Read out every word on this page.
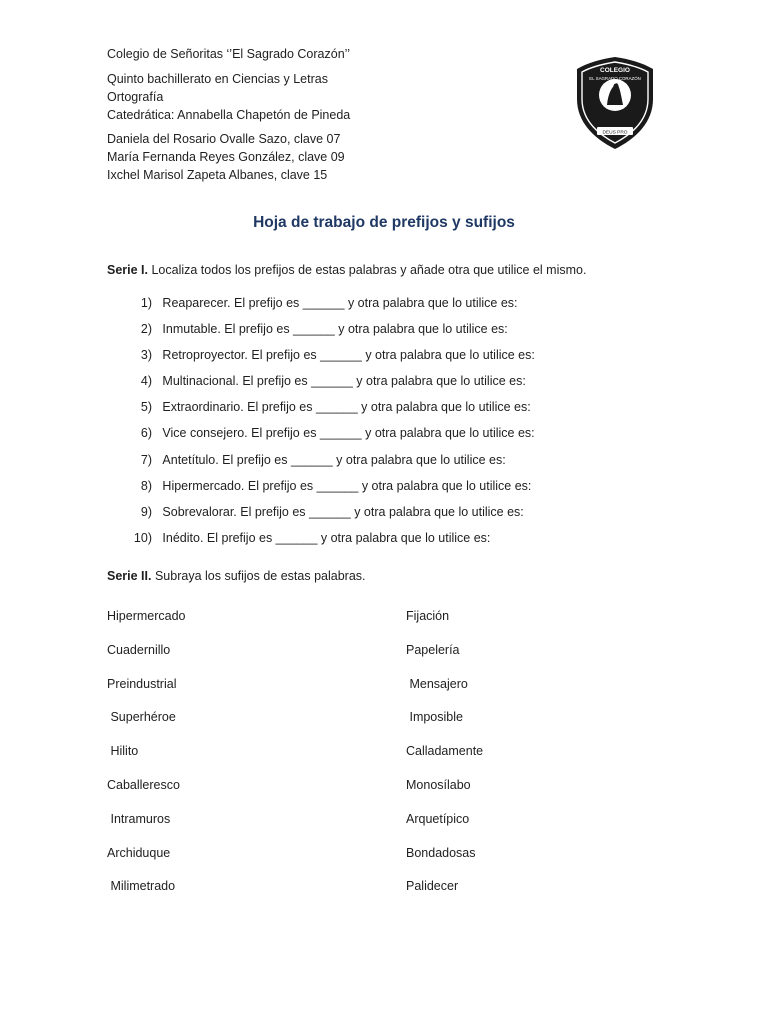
Colegio de Señoritas ‘’El Sagrado Corazón’’
Quinto bachillerato en Ciencias y Letras
Ortografía
Catedrática: Annabella Chapetón de Pineda
Daniela del Rosario Ovalle Sazo, clave 07
María Fernanda Reyes González, clave 09
Ixchel Marisol Zapeta Albanes, clave 15
COLEGIO
EL SAGRADO CORAZÓN
DEUS PRO
Hoja de trabajo de prefijos y sufijos
Serie I. Localiza todos los prefijos de estas palabras y añade otra que utilice el mismo.
1)
Reaparecer. El prefijo es ______ y otra palabra que lo utilice es:
2)
Inmutable. El prefijo es ______ y otra palabra que lo utilice es:
3)
Retroproyector. El prefijo es ______ y otra palabra que lo utilice es:
4)
Multinacional. El prefijo es ______ y otra palabra que lo utilice es:
5)
Extraordinario. El prefijo es ______ y otra palabra que lo utilice es:
6)
Vice consejero. El prefijo es ______ y otra palabra que lo utilice es:
7)
Antetítulo. El prefijo es ______ y otra palabra que lo utilice es:
8)
Hipermercado. El prefijo es ______ y otra palabra que lo utilice es:
9)
Sobrevalorar. El prefijo es ______ y otra palabra que lo utilice es:
10)
Inédito. El prefijo es ______ y otra palabra que lo utilice es:
Serie II. Subraya los sufijos de estas palabras.
Hipermercado
Cuadernillo
Preindustrial
Superhéroe
Hilito
Caballeresco
Intramuros
Archiduque
Milimetrado
Fijación
Papelería
Mensajero
Imposible
Calladamente
Monosílabo
Arquetípico
Bondadosas
Palidecer
